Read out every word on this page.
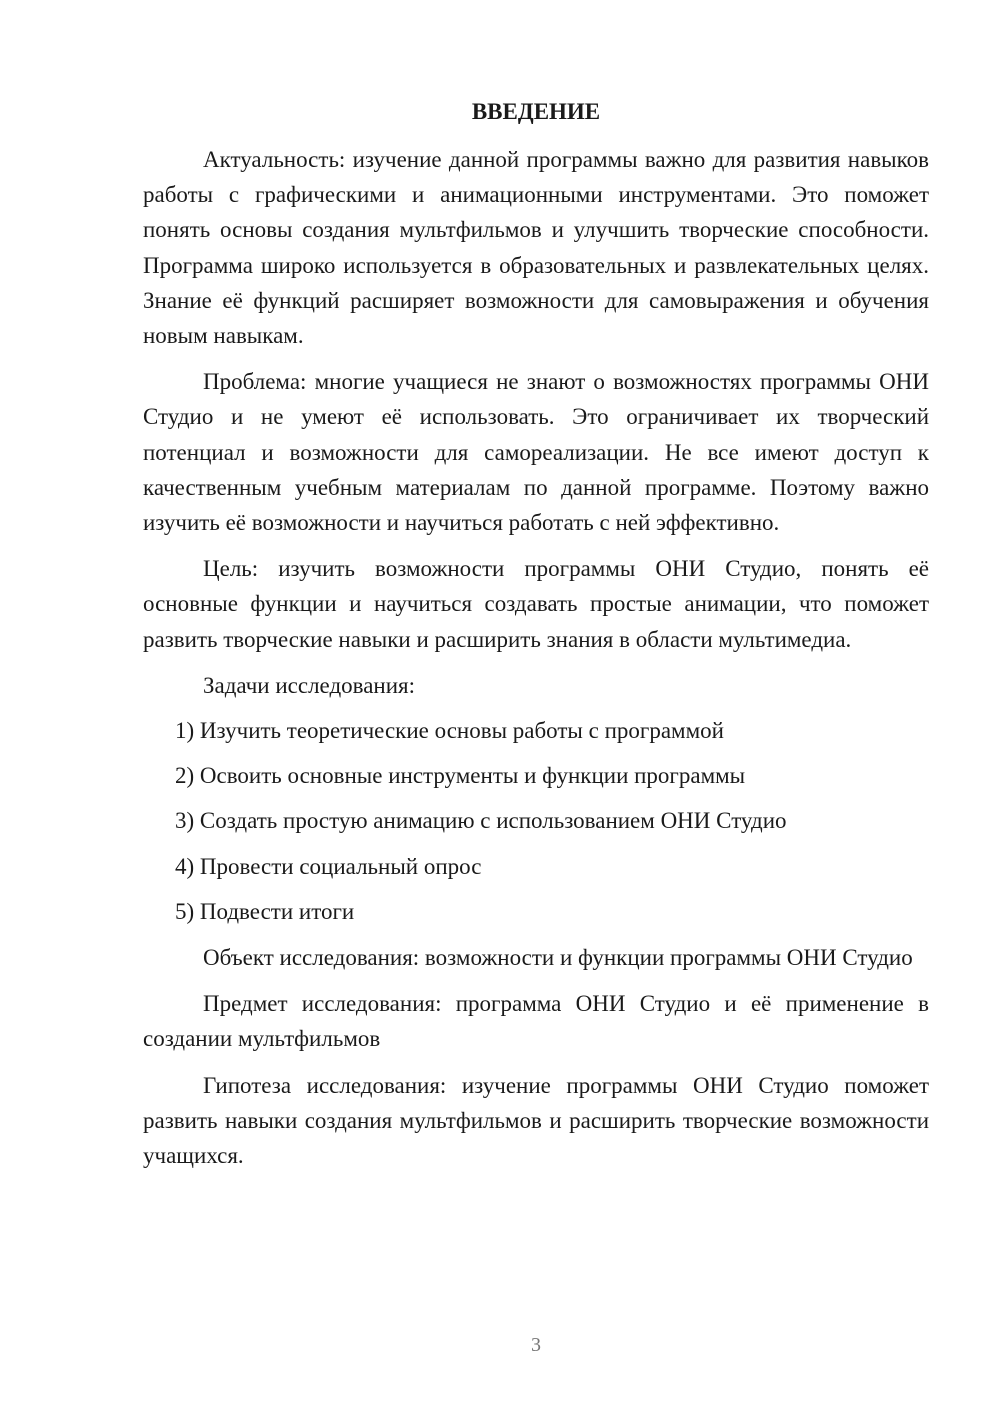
ВВЕДЕНИЕ

Актуальность: изучение данной программы важно для развития навыков работы с графическими и анимационными инструментами. Это поможет понять основы создания мультфильмов и улучшить творческие способности. Программа широко используется в образовательных и развлекательных целях. Знание её функций расширяет возможности для самовыражения и обучения новым навыкам.

Проблема: многие учащиеся не знают о возможностях программы ОНИ Студио и не умеют её использовать. Это ограничивает их творческий потенциал и возможности для самореализации. Не все имеют доступ к качественным учебным материалам по данной программе. Поэтому важно изучить её возможности и научиться работать с ней эффективно.

Цель: изучить возможности программы ОНИ Студио, понять её основные функции и научиться создавать простые анимации, что поможет развить творческие навыки и расширить знания в области мультимедиа.

Задачи исследования:

1) Изучить теоретические основы работы с программой
2) Освоить основные инструменты и функции программы
3) Создать простую анимацию с использованием ОНИ Студио
4) Провести социальный опрос
5) Подвести итоги

Объект исследования: возможности и функции программы ОНИ Студио

Предмет исследования: программа ОНИ Студио и её применение в создании мультфильмов

Гипотеза исследования: изучение программы ОНИ Студио поможет развить навыки создания мультфильмов и расширить творческие возможности учащихся.

3
